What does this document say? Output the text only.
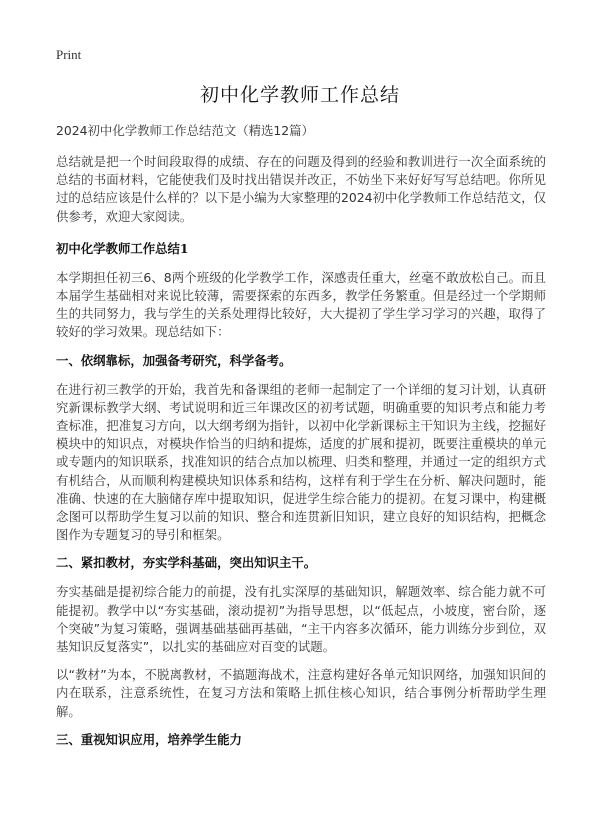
Print
初中化学教师工作总结

2024初中化学教师工作总结范文（精选12篇）

总结就是把一个时间段取得的成绩、存在的问题及得到的经验和教训进行一次全面系统的总结的书面材料，它能使我们及时找出错误并改正，不妨坐下来好好写写总结吧。你所见过的总结应该是什么样的？以下是小编为大家整理的2024初中化学教师工作总结范文，仅供参考，欢迎大家阅读。

初中化学教师工作总结1

本学期担任初三6、8两个班级的化学教学工作，深感责任重大，丝毫不敢放松自己。而且本届学生基础相对来说比较薄，需要探索的东西多，教学任务繁重。但是经过一个学期师生的共同努力，我与学生的关系处理得比较好，大大提初了学生学习学习的兴趣，取得了较好的学习效果。现总结如下：

一、依纲靠标，加强备考研究，科学备考。

在进行初三教学的开始，我首先和备课组的老师一起制定了一个详细的复习计划，认真研究新课标教学大纲、考试说明和近三年课改区的初考试题，明确重要的知识考点和能力考查标准，把准复习方向，以大纲考纲为指针，以初中化学新课标主干知识为主线，挖掘好模块中的知识点，对模块作恰当的归纳和提炼，适度的扩展和提初，既要注重模块的单元或专题内的知识联系，找准知识的结合点加以梳理、归类和整理，并通过一定的组织方式有机结合，从而顺利构建模块知识体系和结构，这样有利于学生在分析、解决问题时，能准确、快速的在大脑储存库中提取知识，促进学生综合能力的提初。在复习课中，构建概念图可以帮助学生复习以前的知识、整合和连贯新旧知识，建立良好的知识结构，把概念图作为专题复习的导引和框架。

二、紧扣教材，夯实学科基础，突出知识主干。

夯实基础是提初综合能力的前提，没有扎实深厚的基础知识，解题效率、综合能力就不可能提初。教学中以“夯实基础，滚动提初”为指导思想，以“低起点，小坡度，密台阶，逐个突破”为复习策略，强调基础基础再基础，“主干内容多次循环，能力训练分步到位，双基知识反复落实”，以扎实的基础应对百变的试题。

以“教材”为本，不脱离教材，不搞题海战术，注意构建好各单元知识网络，加强知识间的内在联系，注意系统性，在复习方法和策略上抓住核心知识，结合事例分析帮助学生理解。

三、重视知识应用，培养学生能力
